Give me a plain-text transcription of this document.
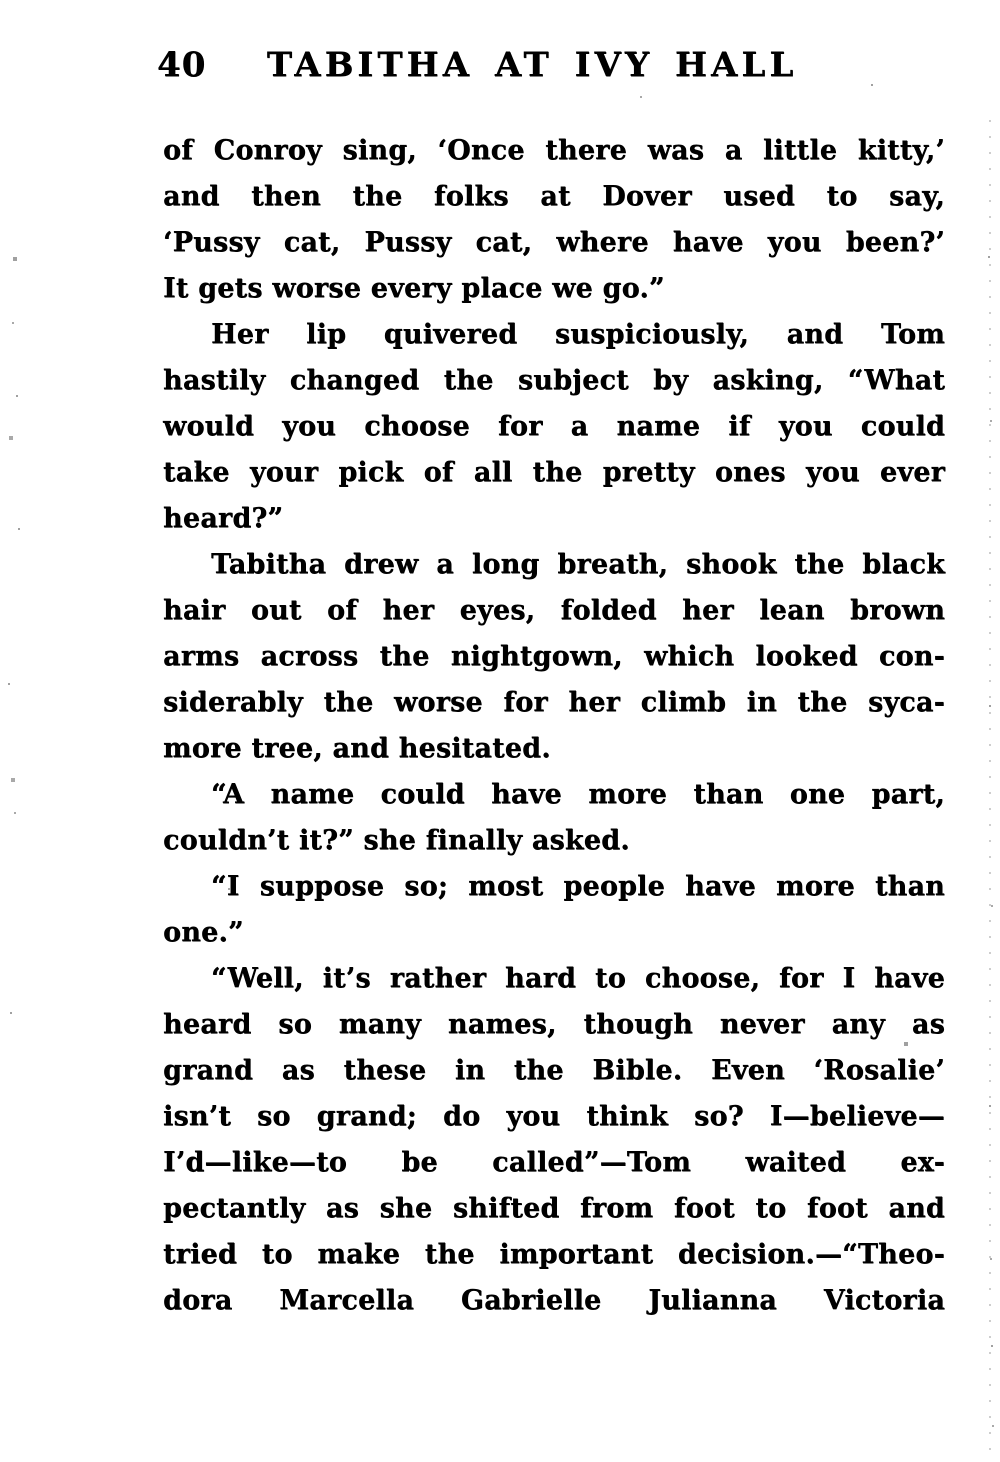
40	TABITHA AT IVY HALL
of Conroy sing, ‘Once there was a little kitty,’
and then the folks at Dover used to say,
‘Pussy cat, Pussy cat, where have you been?’
It gets worse every place we go.”
Her lip quivered suspiciously, and Tom
hastily changed the subject by asking, “What
would you choose for a name if you could
take your pick of all the pretty ones you ever
heard?”
Tabitha drew a long breath, shook the black
hair out of her eyes, folded her lean brown
arms across the nightgown, which looked con-
siderably the worse for her climb in the syca-
more tree, and hesitated.
“A name could have more than one part,
couldn’t it?” she finally asked.
“I suppose so; most people have more than
one.”
“Well, it’s rather hard to choose, for I have
heard so many names, though never any as
grand as these in the Bible. Even ‘Rosalie’
isn’t so grand; do you think so? I—believe—
I’d—like—to be called”—Tom waited ex-
pectantly as she shifted from foot to foot and
tried to make the important decision.—“Theo-
dora Marcella Gabrielle Julianna Victoria
